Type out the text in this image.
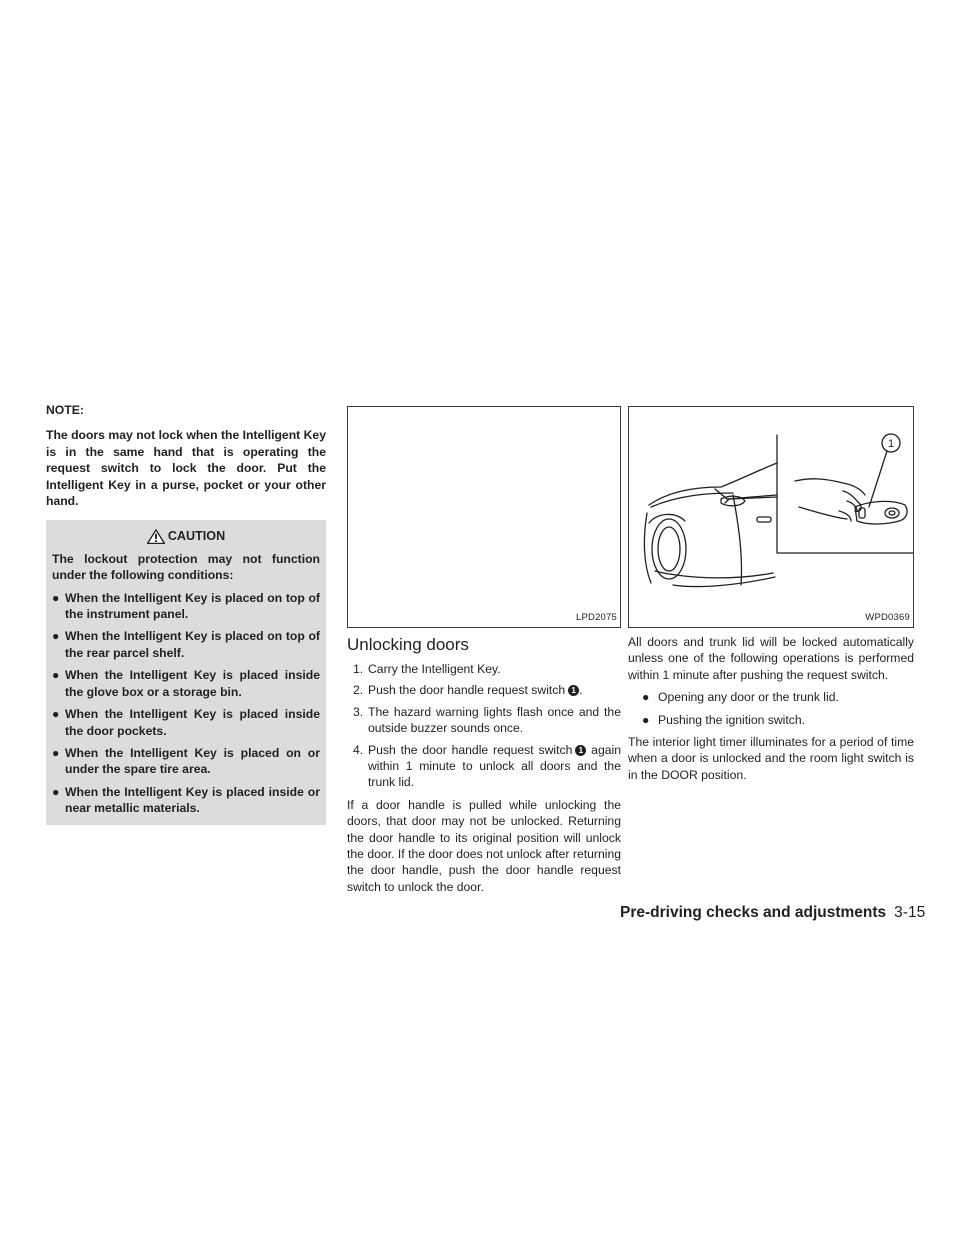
NOTE:

The doors may not lock when the Intelligent Key is in the same hand that is operating the request switch to lock the door. Put the Intelligent Key in a purse, pocket or your other hand.

CAUTION

The lockout protection may not function under the following conditions:

● When the Intelligent Key is placed on top of the instrument panel.
● When the Intelligent Key is placed on top of the rear parcel shelf.
● When the Intelligent Key is placed inside the glove box or a storage bin.
● When the Intelligent Key is placed inside the door pockets.
● When the Intelligent Key is placed on or under the spare tire area.
● When the Intelligent Key is placed inside or near metallic materials.
LPD2075
Unlocking doors
1. Carry the Intelligent Key.
2. Push the door handle request switch 1 .
3. The hazard warning lights flash once and the outside buzzer sounds once.
4. Push the door handle request switch 1 again within 1 minute to unlock all doors and the trunk lid.

If a door handle is pulled while unlocking the doors, that door may not be unlocked. Returning the door handle to its original position will unlock the door. If the door does not unlock after returning the door handle, push the door handle request switch to unlock the door.

1
WPD0369

All doors and trunk lid will be locked automatically unless one of the following operations is performed within 1 minute after pushing the request switch.

● Opening any door or the trunk lid.
● Pushing the ignition switch.

The interior light timer illuminates for a period of time when a door is unlocked and the room light switch is in the DOOR position.

Pre-driving checks and adjustments 3-15
